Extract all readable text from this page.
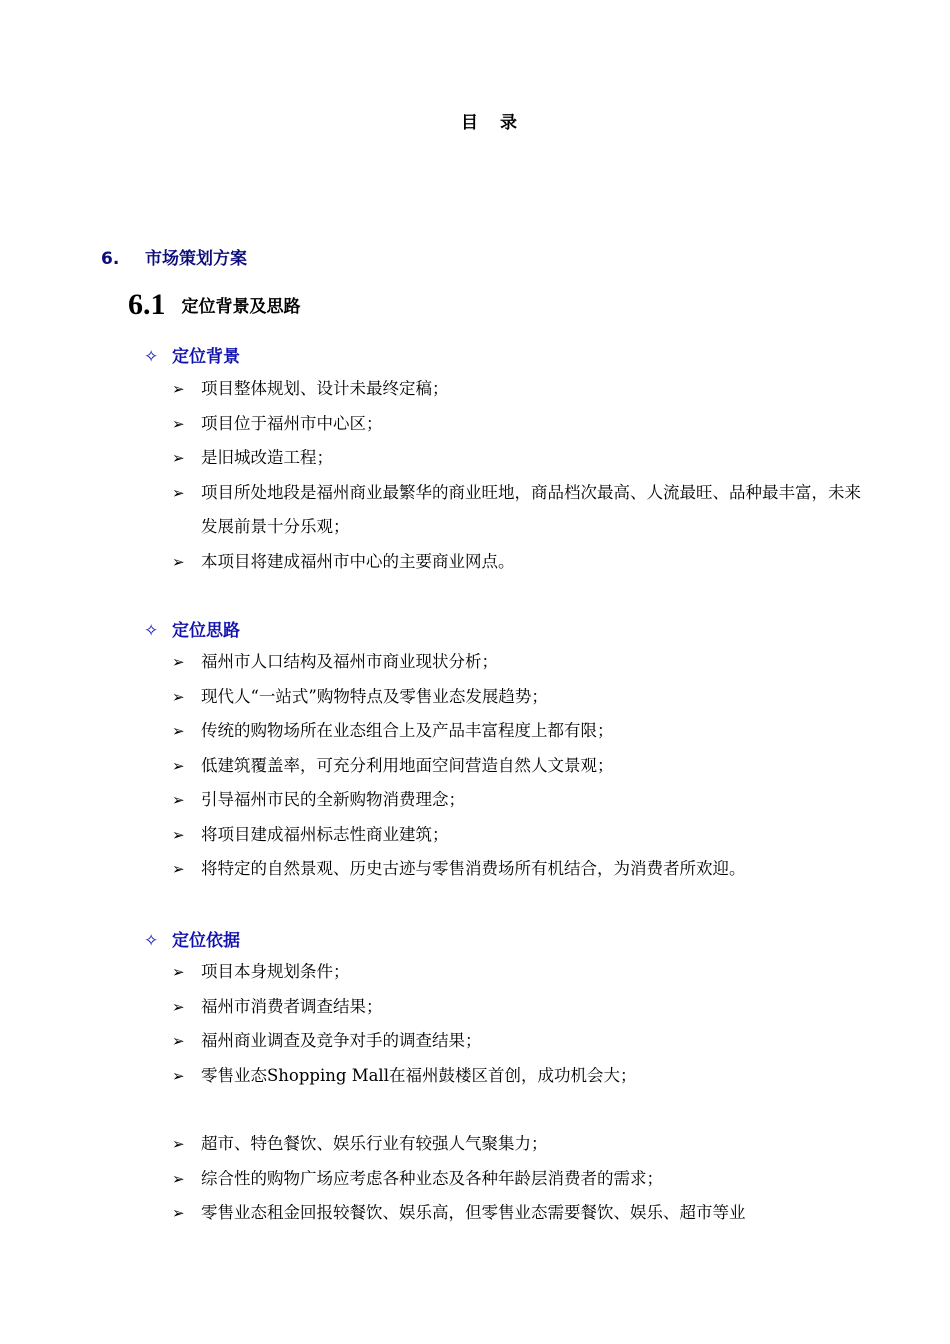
目录
6. 市场策划方案
6.1 定位背景及思路
✧ 定位背景
➢ 项目整体规划、设计未最终定稿；
➢ 项目位于福州市中心区；
➢ 是旧城改造工程；
➢ 项目所处地段是福州商业最繁华的商业旺地，商品档次最高、人流最旺、品种最丰富，未来发展前景十分乐观；
➢ 本项目将建成福州市中心的主要商业网点。
✧ 定位思路
➢ 福州市人口结构及福州市商业现状分析；
➢ 现代人“一站式”购物特点及零售业态发展趋势；
➢ 传统的购物场所在业态组合上及产品丰富程度上都有限；
➢ 低建筑覆盖率，可充分利用地面空间营造自然人文景观；
➢ 引导福州市民的全新购物消费理念；
➢ 将项目建成福州标志性商业建筑；
➢ 将特定的自然景观、历史古迹与零售消费场所有机结合，为消费者所欢迎。
✧ 定位依据
➢ 项目本身规划条件；
➢ 福州市消费者调查结果；
➢ 福州商业调查及竞争对手的调查结果；
➢ 零售业态Shopping Mall在福州鼓楼区首创，成功机会大；
➢ 超市、特色餐饮、娱乐行业有较强人气聚集力；
➢ 综合性的购物广场应考虑各种业态及各种年龄层消费者的需求；
➢ 零售业态租金回报较餐饮、娱乐高，但零售业态需要餐饮、娱乐、超市等业
